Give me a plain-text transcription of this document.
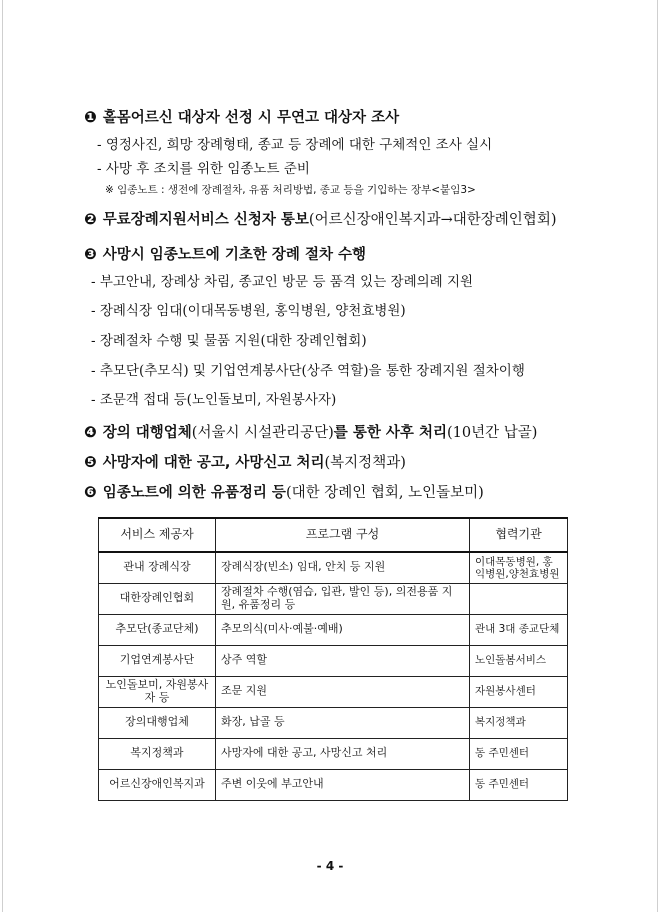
❶ 홀몸어르신 대상자 선정 시 무연고 대상자 조사
- 영정사진, 희망 장례형태, 종교 등 장례에 대한 구체적인 조사 실시
- 사망 후 조치를 위한 임종노트 준비
※ 임종노트 : 생전에 장례절차, 유품 처리방법, 종교 등을 기입하는 장부<붙임3>
❷ 무료장례지원서비스 신청자 통보(어르신장애인복지과→대한장례인협회)
❸ 사망시 임종노트에 기초한 장례 절차 수행
- 부고안내, 장례상 차림, 종교인 방문 등 품격 있는 장례의례 지원
- 장례식장 임대(이대목동병원, 홍익병원, 양천효병원)
- 장례절차 수행 및 물품 지원(대한 장례인협회)
- 추모단(추모식) 및 기업연계봉사단(상주 역할)을 통한 장례지원 절차이행
- 조문객 접대 등(노인돌보미, 자원봉사자)
❹ 장의 대행업체(서울시 시설관리공단)를 통한 사후 처리(10년간 납골)
❺ 사망자에 대한 공고, 사망신고 처리(복지정책과)
❻ 임종노트에 의한 유품정리 등(대한 장례인 협회, 노인돌보미)
서비스 제공자	프로그램 구성	협력기관
관내 장례식장	장례식장(빈소) 임대, 안치 등 지원	이대목동병원, 홍익병원,양천효병원
대한장례인협회	장례절차 수행(염습, 입관, 발인 등), 의전용품 지원, 유품정리 등	
추모단(종교단체)	추모의식(미사·예불·예배)	관내 3대 종교단체
기업연계봉사단	상주 역할	노인돌봄서비스
노인돌보미, 자원봉사자 등	조문 지원	자원봉사센터
장의대행업체	화장, 납골 등	복지정책과
복지정책과	사망자에 대한 공고, 사망신고 처리	동 주민센터
어르신장애인복지과	주변 이웃에 부고안내	동 주민센터
- 4 -
